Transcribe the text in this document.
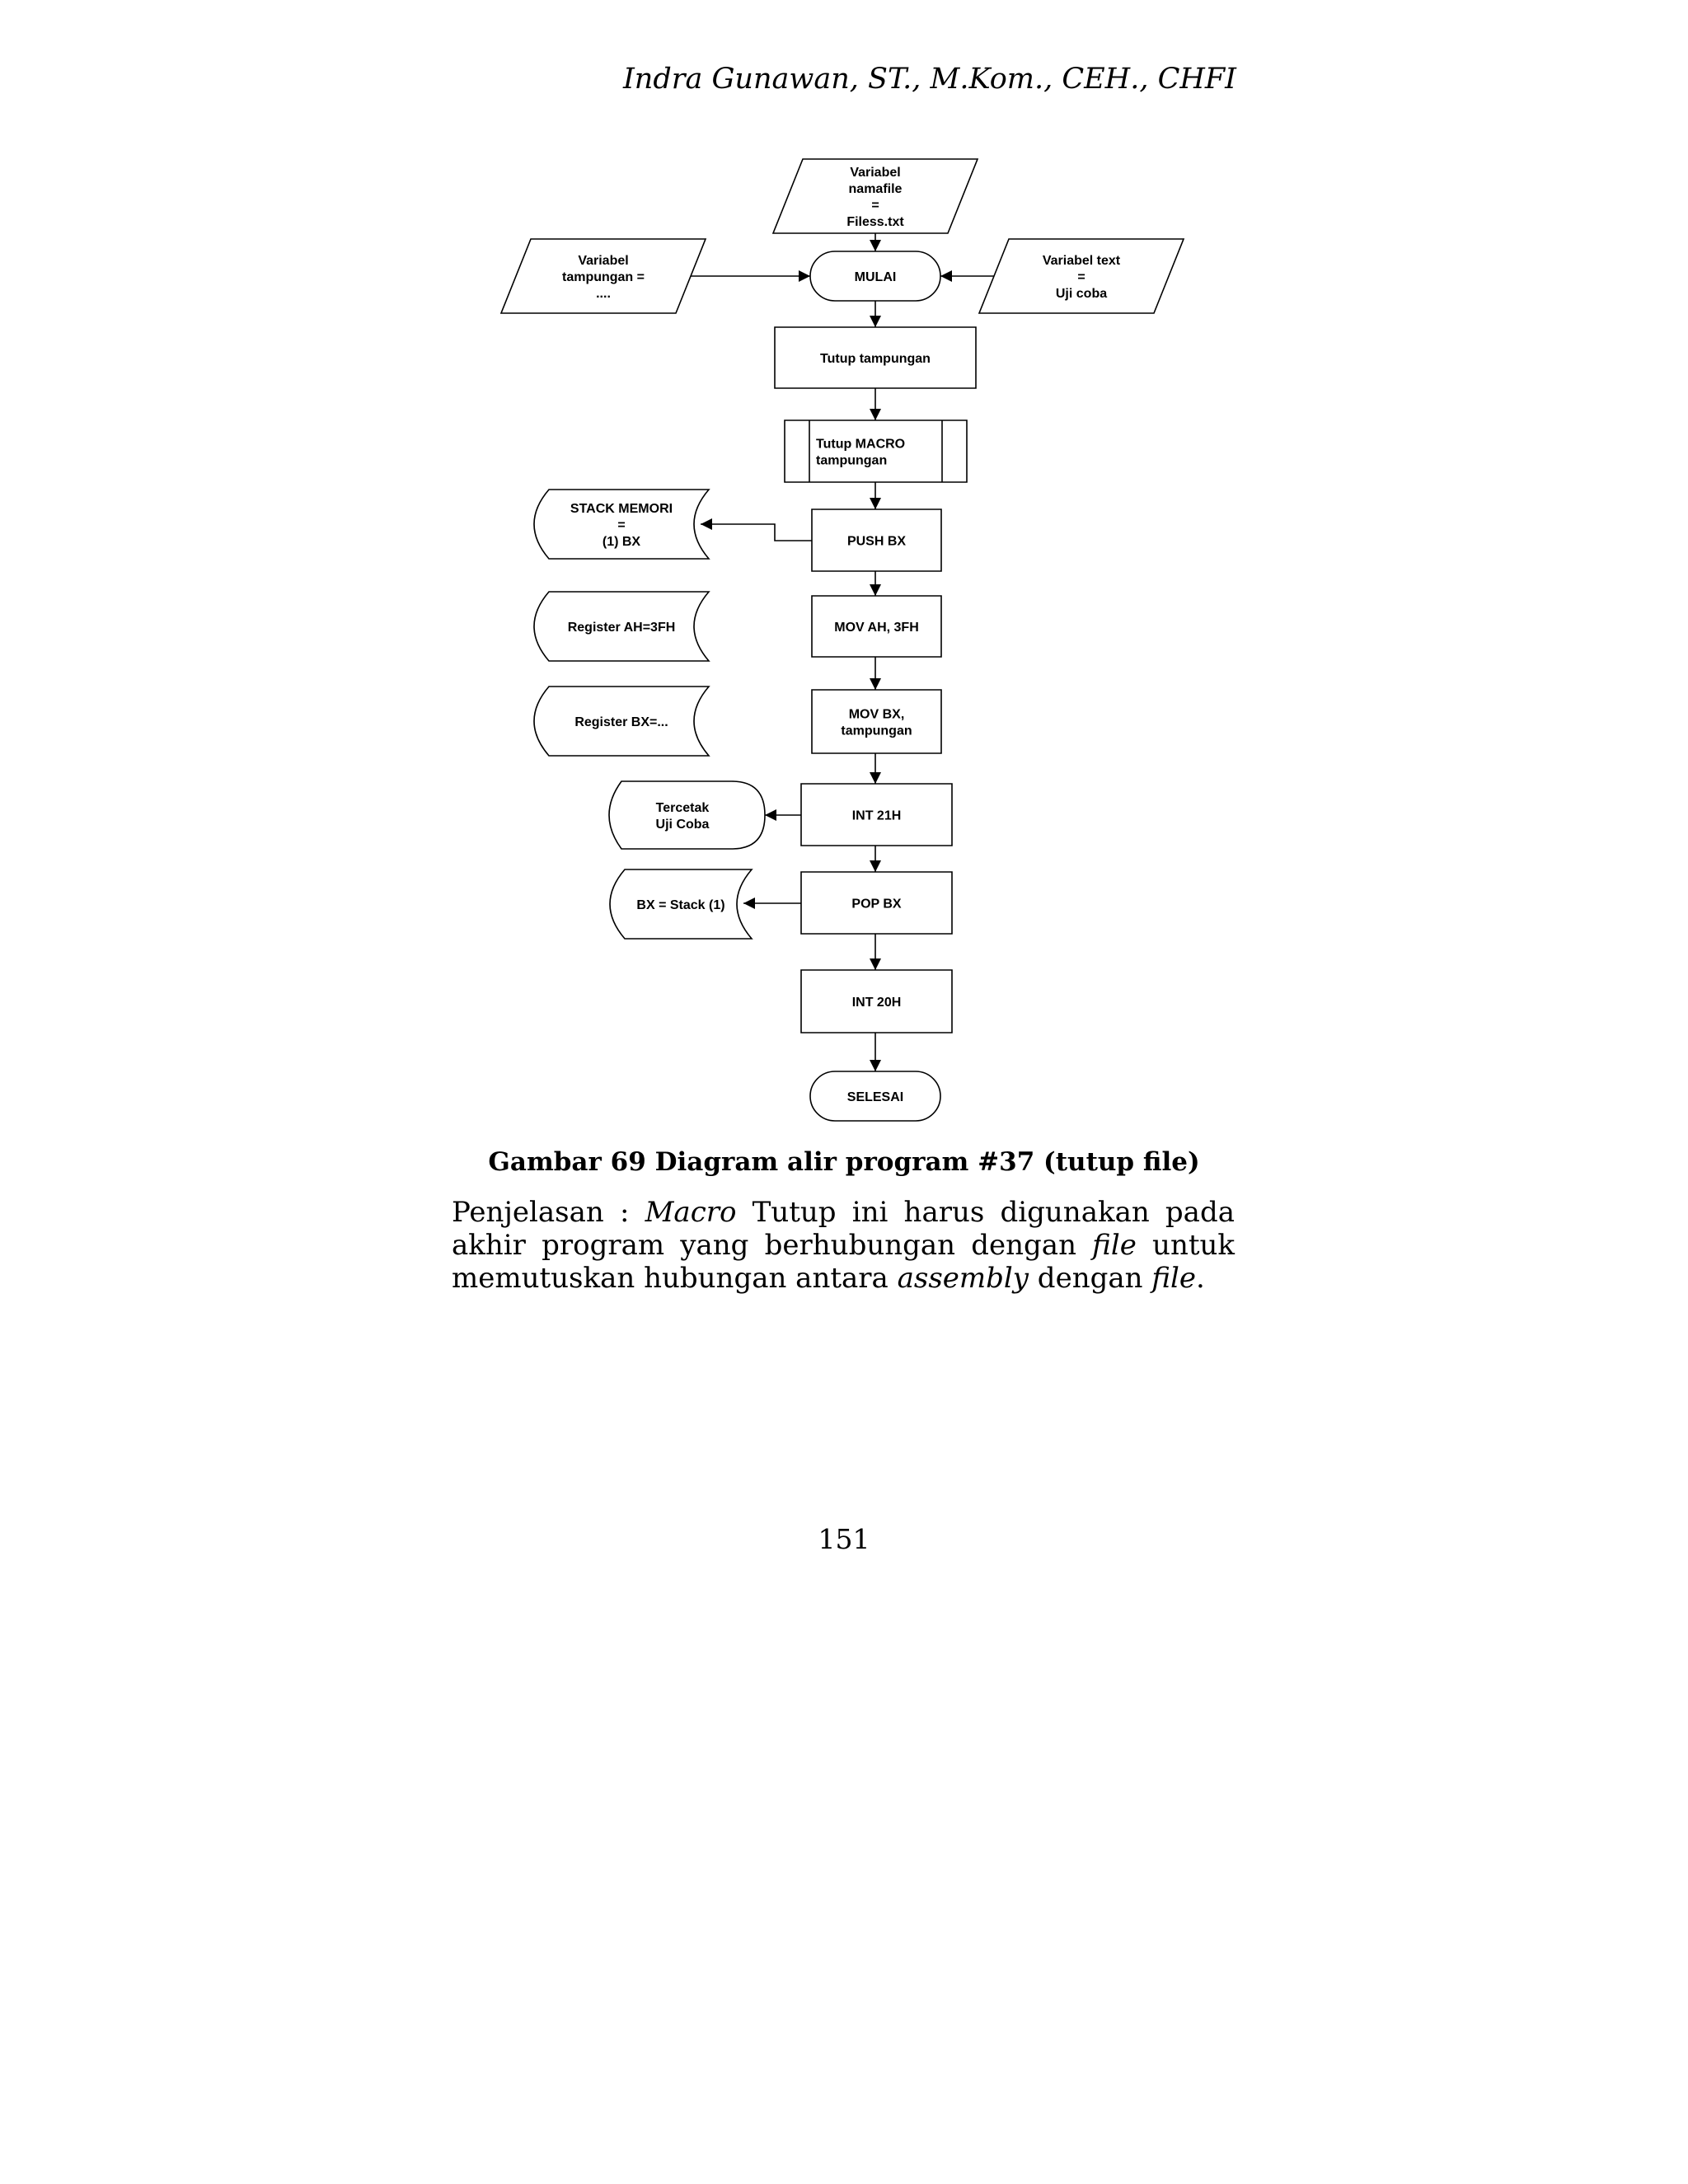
Indra Gunawan, ST., M.Kom., CEH., CHFI
Variabel
namafile
=
Filess.txt
Variabel
tampungan =
....
MULAI
Variabel text
=
Uji coba
Tutup tampungan
Tutup MACRO
tampungan
STACK MEMORI
=
(1) BX	PUSH BX
Register AH=3FH	MOV AH, 3FH
Register BX=...
MOV BX,
tampungan
Tercetak
Uji Coba
INT 21H
BX = Stack (1)	POP BX
INT 20H
SELESAI
Gambar 69 Diagram alir program #37 (tutup file)

Penjelasan : Macro Tutup ini harus digunakan pada akhir program yang berhubungan dengan file untuk memutuskan hubungan antara assembly dengan file.

151
